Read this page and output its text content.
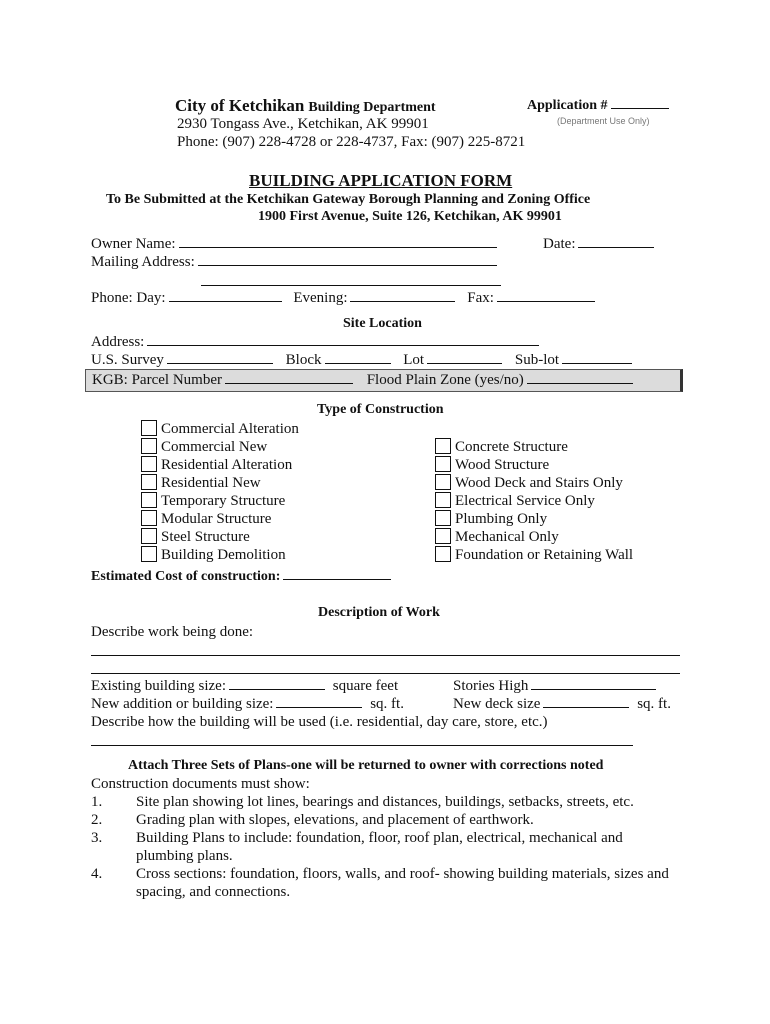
City of Ketchikan Building Department	Application #
(Department Use Only)
2930 Tongass Ave., Ketchikan, AK 99901
Phone: (907) 228-4728 or 228-4737, Fax: (907) 225-8721
BUILDING APPLICATION FORM
To Be Submitted at the Ketchikan Gateway Borough Planning and Zoning Office
1900 First Avenue, Suite 126, Ketchikan, AK 99901
Owner Name:	Date:
Mailing Address:
Phone: Day:	Evening:	Fax:
Site Location
Address:
U.S. Survey	Block	Lot	Sub-lot
KGB: Parcel Number	Flood Plain Zone (yes/no)
Type of Construction
Commercial Alteration
Commercial New
Residential Alteration
Residential New
Temporary Structure
Modular Structure
Steel Structure
Building Demolition
Concrete Structure
Wood Structure
Wood Deck and Stairs Only
Electrical Service Only
Plumbing Only
Mechanical Only
Foundation or Retaining Wall
Estimated Cost of construction:
Description of Work
Describe work being done:
Existing building size:	square feet	Stories High
New addition or building size:	sq. ft.	New deck size	sq. ft.
Describe how the building will be used (i.e. residential, day care, store, etc.)
Attach Three Sets of Plans-one will be returned to owner with corrections noted
Construction documents must show:
1. Site plan showing lot lines, bearings and distances, buildings, setbacks, streets, etc.
2. Grading plan with slopes, elevations, and placement of earthwork.
3. Building Plans to include: foundation, floor, roof plan, electrical, mechanical and
plumbing plans.
4. Cross sections: foundation, floors, walls, and roof- showing building materials, sizes and
spacing, and connections.
